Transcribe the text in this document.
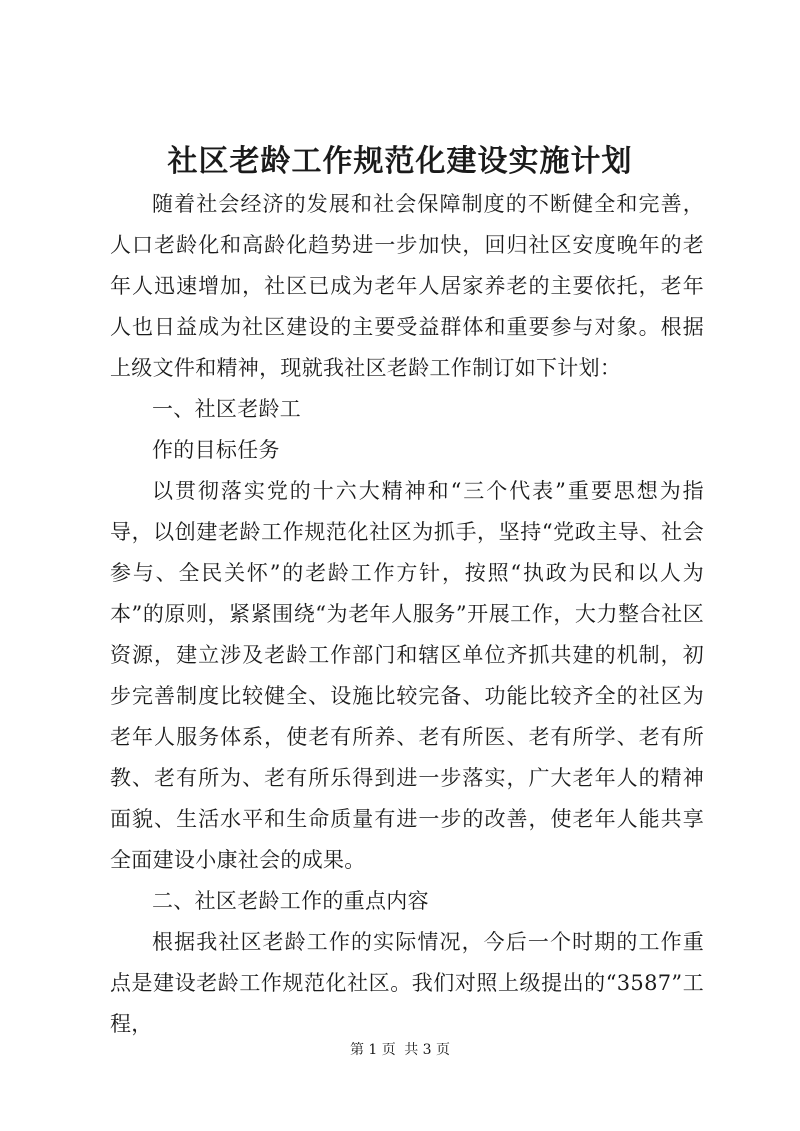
社区老龄工作规范化建设实施计划

随着社会经济的发展和社会保障制度的不断健全和完善，人口老龄化和高龄化趋势进一步加快，回归社区安度晚年的老年人迅速增加，社区已成为老年人居家养老的主要依托，老年人也日益成为社区建设的主要受益群体和重要参与对象。根据上级文件和精神，现就我社区老龄工作制订如下计划：

一、社区老龄工

作的目标任务

以贯彻落实党的十六大精神和“三个代表”重要思想为指导，以创建老龄工作规范化社区为抓手，坚持“党政主导、社会参与、全民关怀”的老龄工作方针，按照“执政为民和以人为本”的原则，紧紧围绕“为老年人服务”开展工作，大力整合社区资源，建立涉及老龄工作部门和辖区单位齐抓共建的机制，初步完善制度比较健全、设施比较完备、功能比较齐全的社区为老年人服务体系，使老有所养、老有所医、老有所学、老有所教、老有所为、老有所乐得到进一步落实，广大老年人的精神面貌、生活水平和生命质量有进一步的改善，使老年人能共享全面建设小康社会的成果。

二、社区老龄工作的重点内容

根据我社区老龄工作的实际情况，今后一个时期的工作重点是建设老龄工作规范化社区。我们对照上级提出的“3587”工程，

第 1 页 共 3 页
